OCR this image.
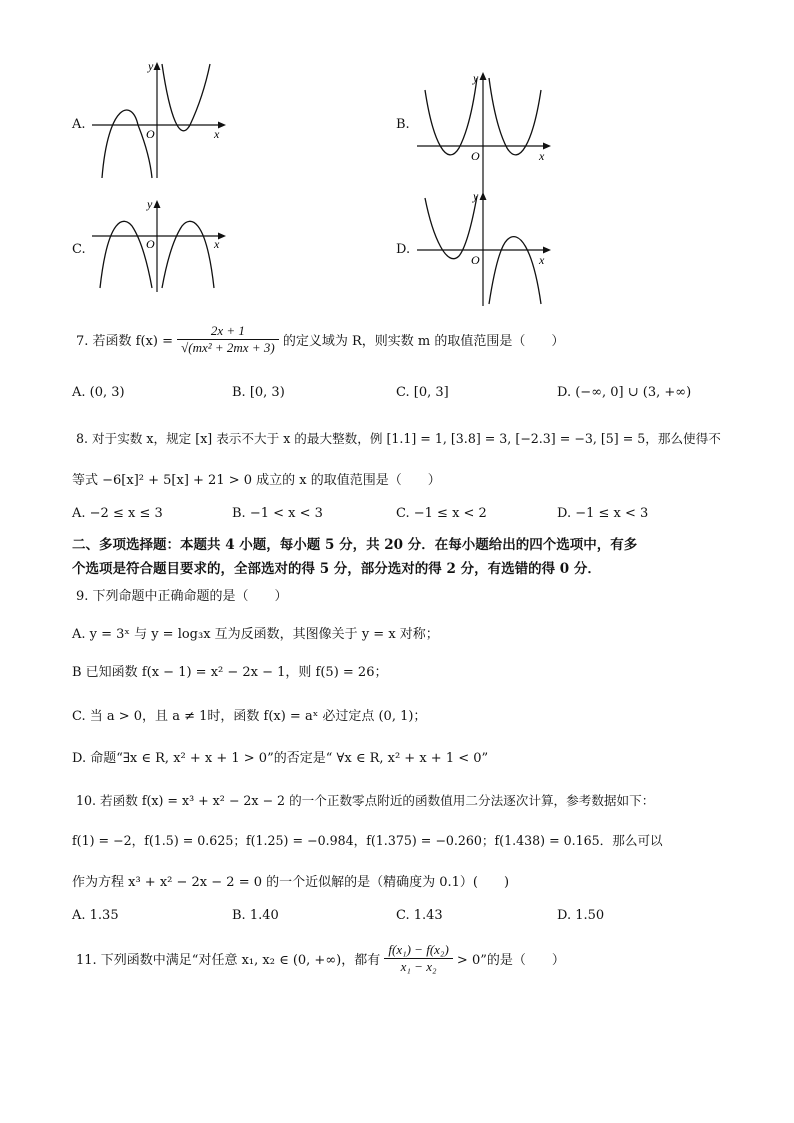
A.
y
O	x
B.
y
O	x
C.
y
O	x	D.
y
O	x
7. 若函数 $f(x) = \frac{2x + 1}{\text{√(mx² + 2mx + 3)}}$ 的定义域为 R，则实数 m 的取值范围是（　　）
A. (0, 3)	B. [0, 3)	C. [0, 3]	D. (−∞, 0] ∪ (3, +∞)
8. 对于实数 x，规定 [x] 表示不大于 x 的最大整数，例 [1.1] = 1, [3.8] = 3, [−2.3] = −3, [5] = 5，那么使得不
等式 −6[x]² + 5[x] + 21 > 0 成立的 x 的取值范围是（　　）
A. −2 ≤ x ≤ 3	B. −1 < x < 3	C. −1 ≤ x < 2	D. −1 ≤ x < 3
二、多项选择题：本题共 4 小题，每小题 5 分，共 20 分．在每小题给出的四个选项中，有多
个选项是符合题目要求的，全部选对的得 5 分，部分选对的得 2 分，有选错的得 0 分．
9. 下列命题中正确命题的是（　　）
A. y = 3ˣ 与 y = log₃x 互为反函数，其图像关于 y = x 对称；
B 已知函数 f(x − 1) = x² − 2x − 1，则 f(5) = 26；
C. 当 a > 0，且 a ≠ 1时，函数 f(x) = aˣ 必过定点 (0, 1)；
D. 命题“∃x ∈ R, x² + x + 1 > 0”的否定是“ ∀x ∈ R, x² + x + 1 < 0”
10. 若函数 f(x) = x³ + x² − 2x − 2 的一个正数零点附近的函数值用二分法逐次计算，参考数据如下：
f(1) = −2，f(1.5) = 0.625；f(1.25) = −0.984，f(1.375) = −0.260；f(1.438) = 0.165．那么可以
作为方程 x³ + x² − 2x − 2 = 0 的一个近似解的是（精确度为 0.1）(　　)
A. 1.35	B. 1.40	C. 1.43	D. 1.50
11. 下列函数中满足“对任意 x₁, x₂ ∈ (0, +∞)，都有 $\frac{\text{f(x₁) − f(x₂)}}{\text{x₁ − x₂}} > 0$”的是（　　）
